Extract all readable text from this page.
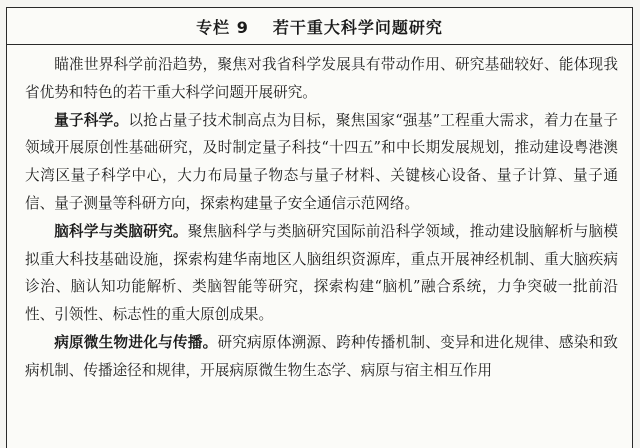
专栏 9 若干重大科学问题研究

瞄准世界科学前沿趋势，聚焦对我省科学发展具有带动作用、研究基础较好、能体现我省优势和特色的若干重大科学问题开展研究。

量子科学。以抢占量子技术制高点为目标，聚焦国家“强基”工程重大需求，着力在量子领域开展原创性基础研究，及时制定量子科技“十四五”和中长期发展规划，推动建设粤港澳大湾区量子科学中心，大力布局量子物态与量子材料、关键核心设备、量子计算、量子通信、量子测量等科研方向，探索构建量子安全通信示范网络。

脑科学与类脑研究。聚焦脑科学与类脑研究国际前沿科学领域，推动建设脑解析与脑模拟重大科技基础设施，探索构建华南地区人脑组织资源库，重点开展神经机制、重大脑疾病诊治、脑认知功能解析、类脑智能等研究，探索构建“脑机”融合系统，力争突破一批前沿性、引领性、标志性的重大原创成果。

病原微生物进化与传播。研究病原体溯源、跨种传播机制、变异和进化规律、感染和致病机制、传播途径和规律，开展病原微生物生态学、病原与宿主相互作用
